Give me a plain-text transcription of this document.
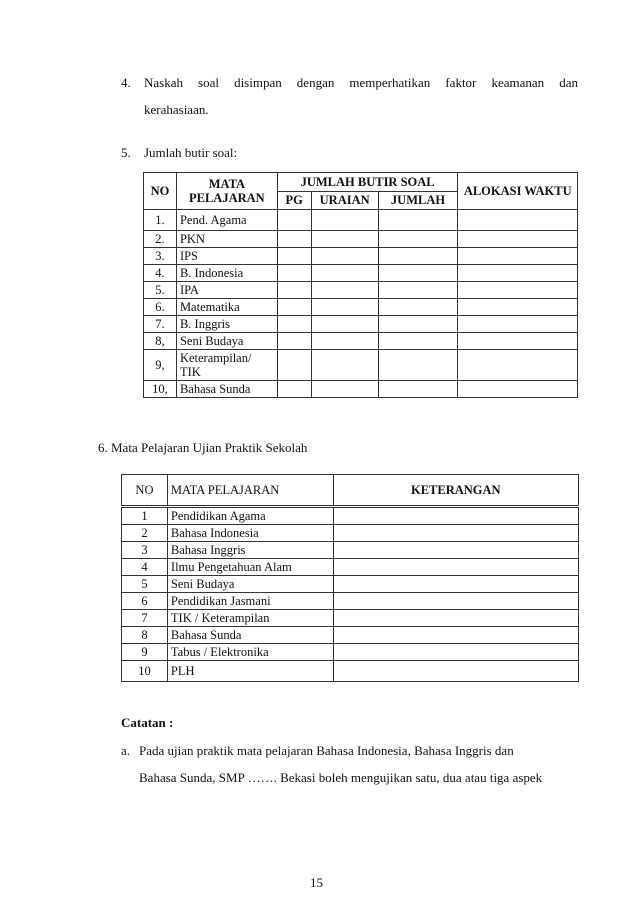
4. Naskah soal disimpan dengan memperhatikan faktor keamanan dan
kerahasiaan.
5. Jumlah butir soal:
NO	MATA PELAJARAN	JUMLAH BUTIR SOAL			ALOKASI WAKTU
		PG	URAIAN	JUMLAH	
1.	Pend. Agama				
2.	PKN				
3.	IPS				
4.	B. Indonesia				
5.	IPA				
6.	Matematika				
7.	B. Inggris				
8,	Seni Budaya				
9,	Keterampilan/ TIK				
10,	Bahasa Sunda				
6. Mata Pelajaran Ujian Praktik Sekolah
NO	MATA PELAJARAN	KETERANGAN
1	Pendidikan Agama	
2	Bahasa Indonesia	
3	Bahasa Inggris	
4	Ilmu Pengetahuan Alam	
5	Seni Budaya	
6	Pendidikan Jasmani	
7	TIK / Keterampilan	
8	Bahasa Sunda	
9	Tabus / Elektronika	
10	PLH	
Catatan :
a. Pada ujian praktik mata pelajaran Bahasa Indonesia, Bahasa Inggris dan
Bahasa Sunda, SMP ……. Bekasi boleh mengujikan satu, dua atau tiga aspek
15
